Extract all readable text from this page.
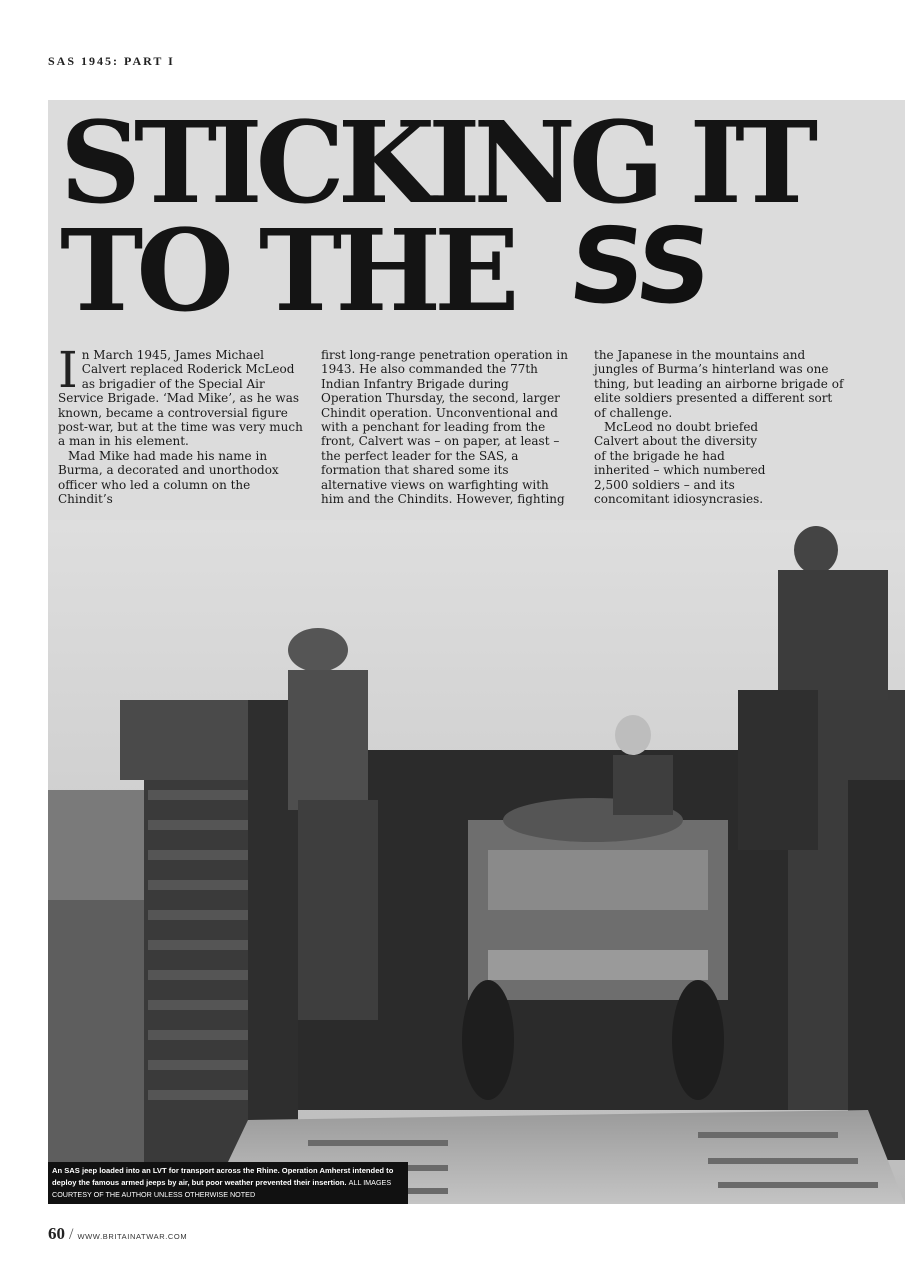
SAS 1945: PART I
STICKING IT
TO THE SS

In March 1945, James Michael Calvert replaced Roderick McLeod as brigadier of the Special Air Service Brigade. ‘Mad Mike’, as he was known, became a controversial figure post-war, but at the time was very much a man in his element.

Mad Mike had made his name in Burma, a decorated and unorthodox officer who led a column on the Chindit’s

first long-range penetration operation in 1943. He also commanded the 77th Indian Infantry Brigade during Operation Thursday, the second, larger Chindit operation. Unconventional and with a penchant for leading from the front, Calvert was – on paper, at least – the perfect leader for the SAS, a formation that shared some its alternative views on warfighting with him and the Chindits. However, fighting

the Japanese in the mountains and jungles of Burma’s hinterland was one thing, but leading an airborne brigade of elite soldiers presented a different sort of challenge.

McLeod no doubt briefed Calvert about the diversity of the brigade he had inherited – which numbered 2,500 soldiers – and its concomitant idiosyncrasies.

An SAS jeep loaded into an LVT for transport across the Rhine. Operation Amherst intended to deploy the famous armed jeeps by air, but poor weather prevented their insertion. ALL IMAGES COURTESY OF THE AUTHOR UNLESS OTHERWISE NOTED
60 / WWW.BRITAINATWAR.COM
